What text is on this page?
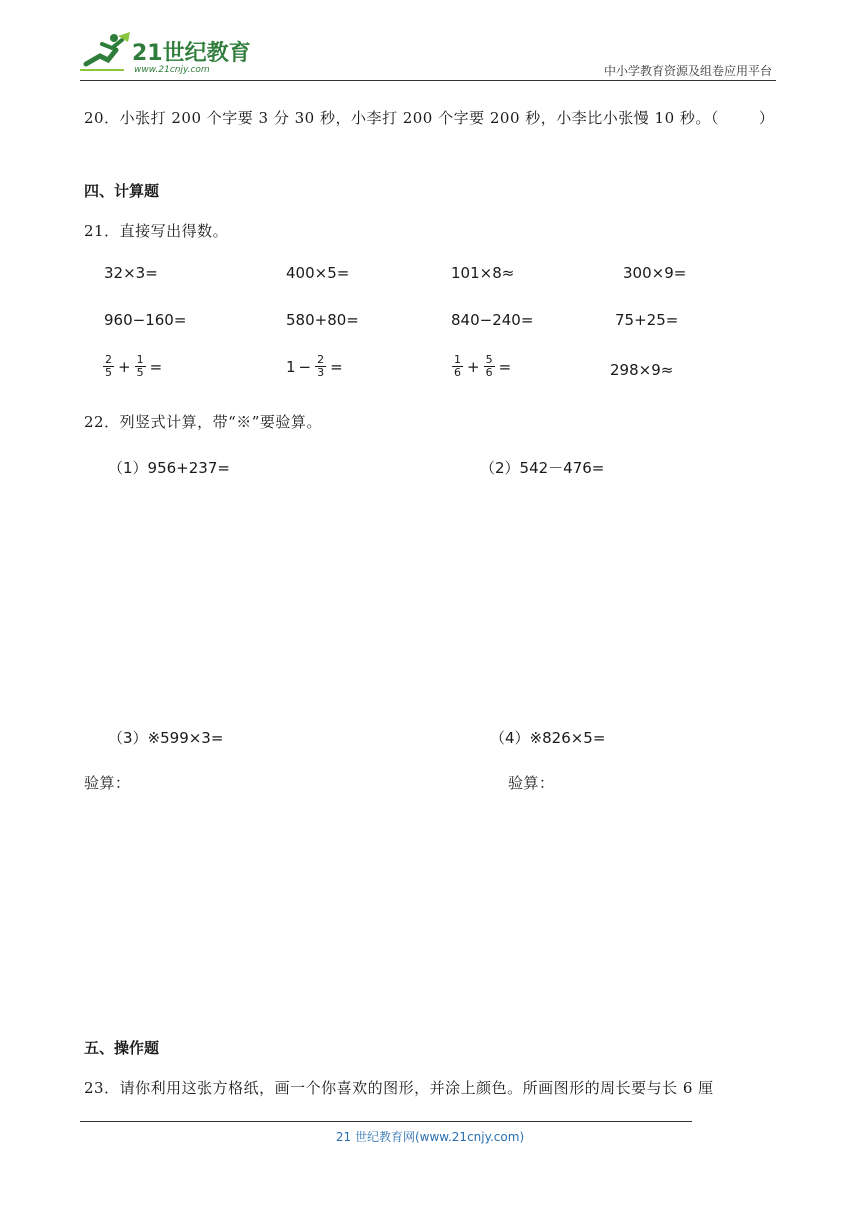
21世纪教育
www.21cnjy.com	中小学教育资源及组卷应用平台
20．小张打 200 个字要 3 分 30 秒，小李打 200 个字要 200 秒，小李比小张慢 10 秒。（	）
四、计算题
21．直接写出得数。
32×3=	400×5=	101×8≈	300×9=
960−160=	580+80=	840−240=	75+25=
$\frac{2}{5} + \frac{1}{5}$ =	$1 - \frac{2}{3}$ =	$\frac{1}{6} + \frac{5}{6}$ =	298×9≈
22．列竖式计算，带“※”要验算。
（1）956+237=	（2）542－476=
（3）※599×3=	（4）※826×5=
验算：	验算：
五、操作题
23．请你利用这张方格纸，画一个你喜欢的图形，并涂上颜色。所画图形的周长要与长 6 厘
21 世纪教育网(www.21cnjy.com)
